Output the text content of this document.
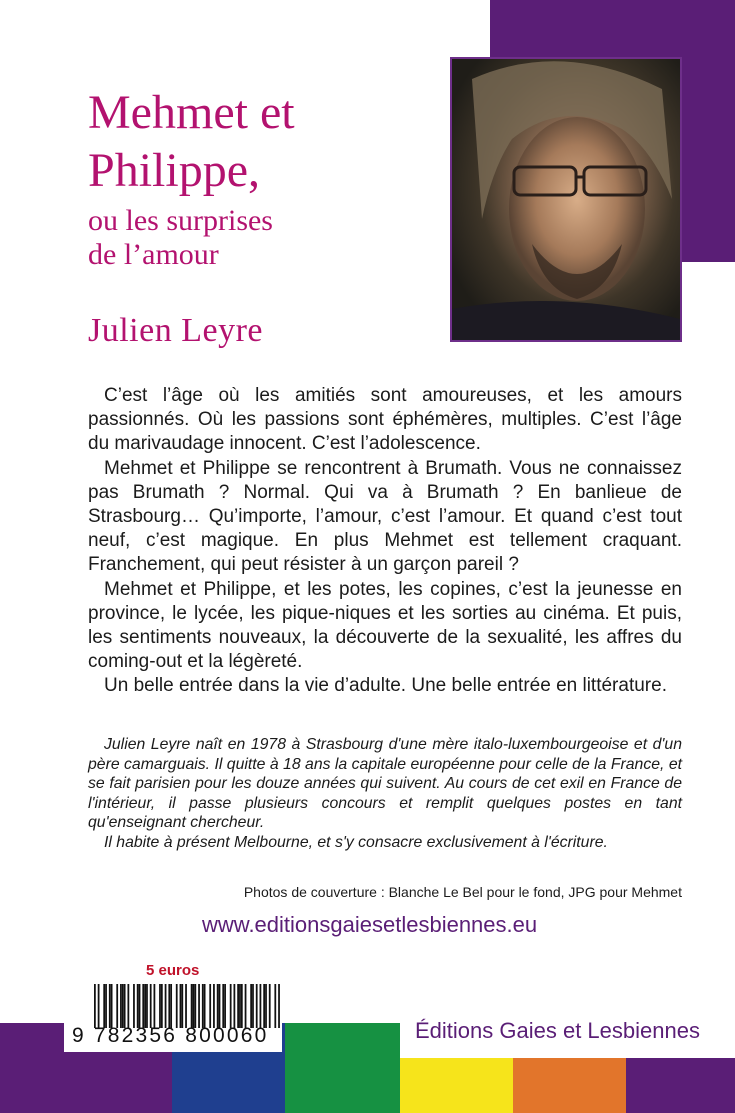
Mehmet et
Philippe,
ou les surprises
de l’amour
Julien Leyre

C’est l’âge où les amitiés sont amoureuses, et les amours passionnés. Où les passions sont éphémères, multiples. C’est l’âge du marivaudage innocent. C’est l’adolescence.

Mehmet et Philippe se rencontrent à Brumath. Vous ne connaissez pas Brumath ? Normal. Qui va à Brumath ? En banlieue de Strasbourg… Qu’importe, l’amour, c’est l’amour. Et quand c’est tout neuf, c’est magique. En plus Mehmet est tellement craquant. Franchement, qui peut résister à un garçon pareil ?

Mehmet et Philippe, et les potes, les copines, c’est la jeunesse en province, le lycée, les pique-niques et les sorties au cinéma. Et puis, les sentiments nouveaux, la découverte de la sexualité, les affres du coming-out et la légèreté.

Un belle entrée dans la vie d’adulte. Une belle entrée en littérature.

Julien Leyre naît en 1978 à Strasbourg d'une mère italo-luxembourgeoise et d'un père camarguais. Il quitte à 18 ans la capitale européenne pour celle de la France, et se fait parisien pour les douze années qui suivent. Au cours de cet exil en France de l'intérieur, il passe plusieurs concours et remplit quelques postes en tant qu'enseignant chercheur.

Il habite à présent Melbourne, et s'y consacre exclusivement à l'écriture.

Photos de couverture : Blanche Le Bel pour le fond, JPG pour Mehmet
www.editionsgaiesetlesbiennes.eu
5 euros
9 782356 800060	Éditions Gaies et Lesbiennes
